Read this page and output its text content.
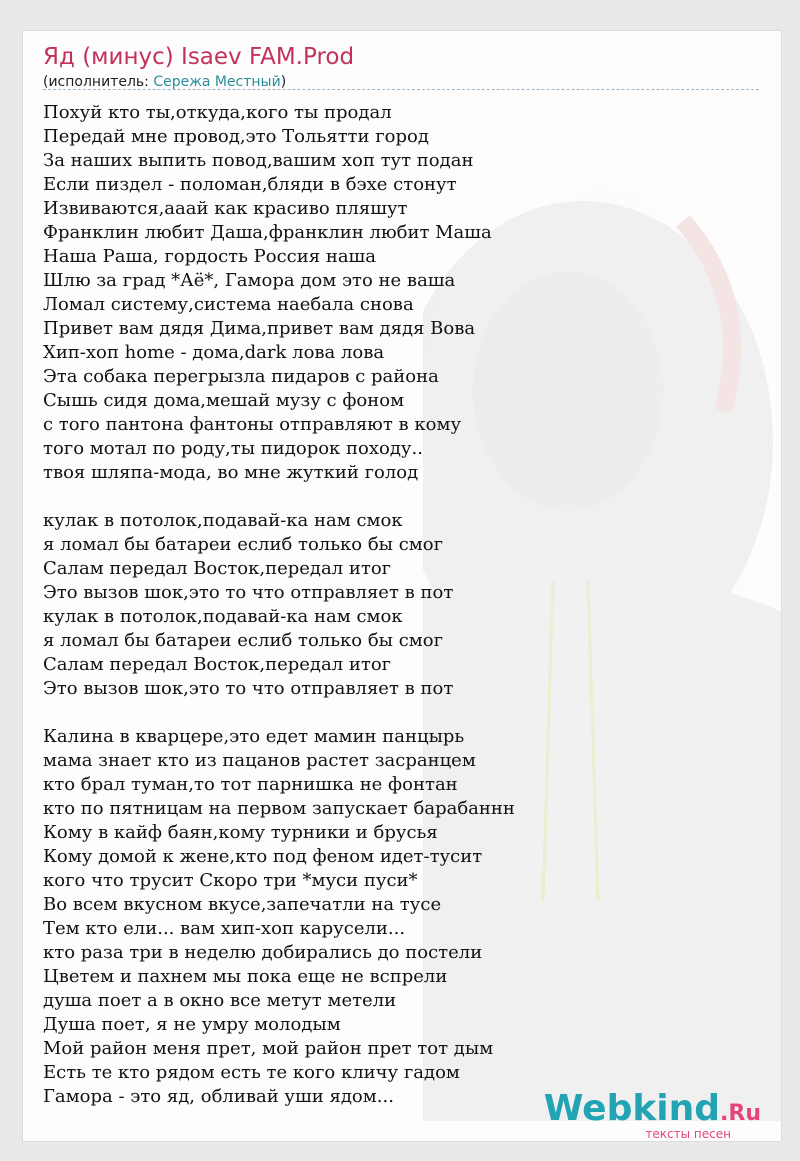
Яд (минус) Isaev FAM.Prod
(исполнитель: Сережа Местный)
Похуй кто ты,откуда,кого ты продал
Передай мне провод,это Тольятти город
За наших выпить повод,вашим хоп тут подан
Если пиздел - поломан,бляди в бэхе стонут
Извиваются,ааай как красиво пляшут
Франклин любит Даша,франклин любит Маша
Наша Раша, гордость Россия наша
Шлю за град *Аё*, Гамора дом это не ваша
Ломал систему,система наебала снова
Привет вам дядя Дима,привет вам дядя Вова
Хип-хоп home - дома,dark лова лова
Эта собака перегрызла пидаров с района
Сышь сидя дома,мешай музу с фоном
с того пантона фантоны отправляют в кому
того мотал по роду,ты пидорок походу..
твоя шляпа-мода, во мне жуткий голод

кулак в потолок,подавай-ка нам смок
я ломал бы батареи еслиб только бы смог
Салам передал Восток,передал итог
Это вызов шок,это то что отправляет в пот
кулак в потолок,подавай-ка нам смок
я ломал бы батареи еслиб только бы смог
Салам передал Восток,передал итог
Это вызов шок,это то что отправляет в пот

Калина в кварцере,это едет мамин панцырь
мама знает кто из пацанов растет засранцем
кто брал туман,то тот парнишка не фонтан
кто по пятницам на первом запускает барабаннн
Кому в кайф баян,кому турники и брусья
Кому домой к жене,кто под феном идет-тусит
кого что трусит Скоро три *муси пуси*
Во всем вкусном вкусе,запечатли на тусе
Тем кто ели... вам хип-хоп карусели...
кто раза три в неделю добирались до постели
Цветем и пахнем мы пока еще не вспрели
душа поет а в окно все метут метели
Душа поет, я не умру молодым
Мой район меня прет, мой район прет тот дым
Есть те кто рядом есть те кого кличу гадом
Гамора - это яд, обливай уши ядом...	Webkind.Ru
тексты песен
